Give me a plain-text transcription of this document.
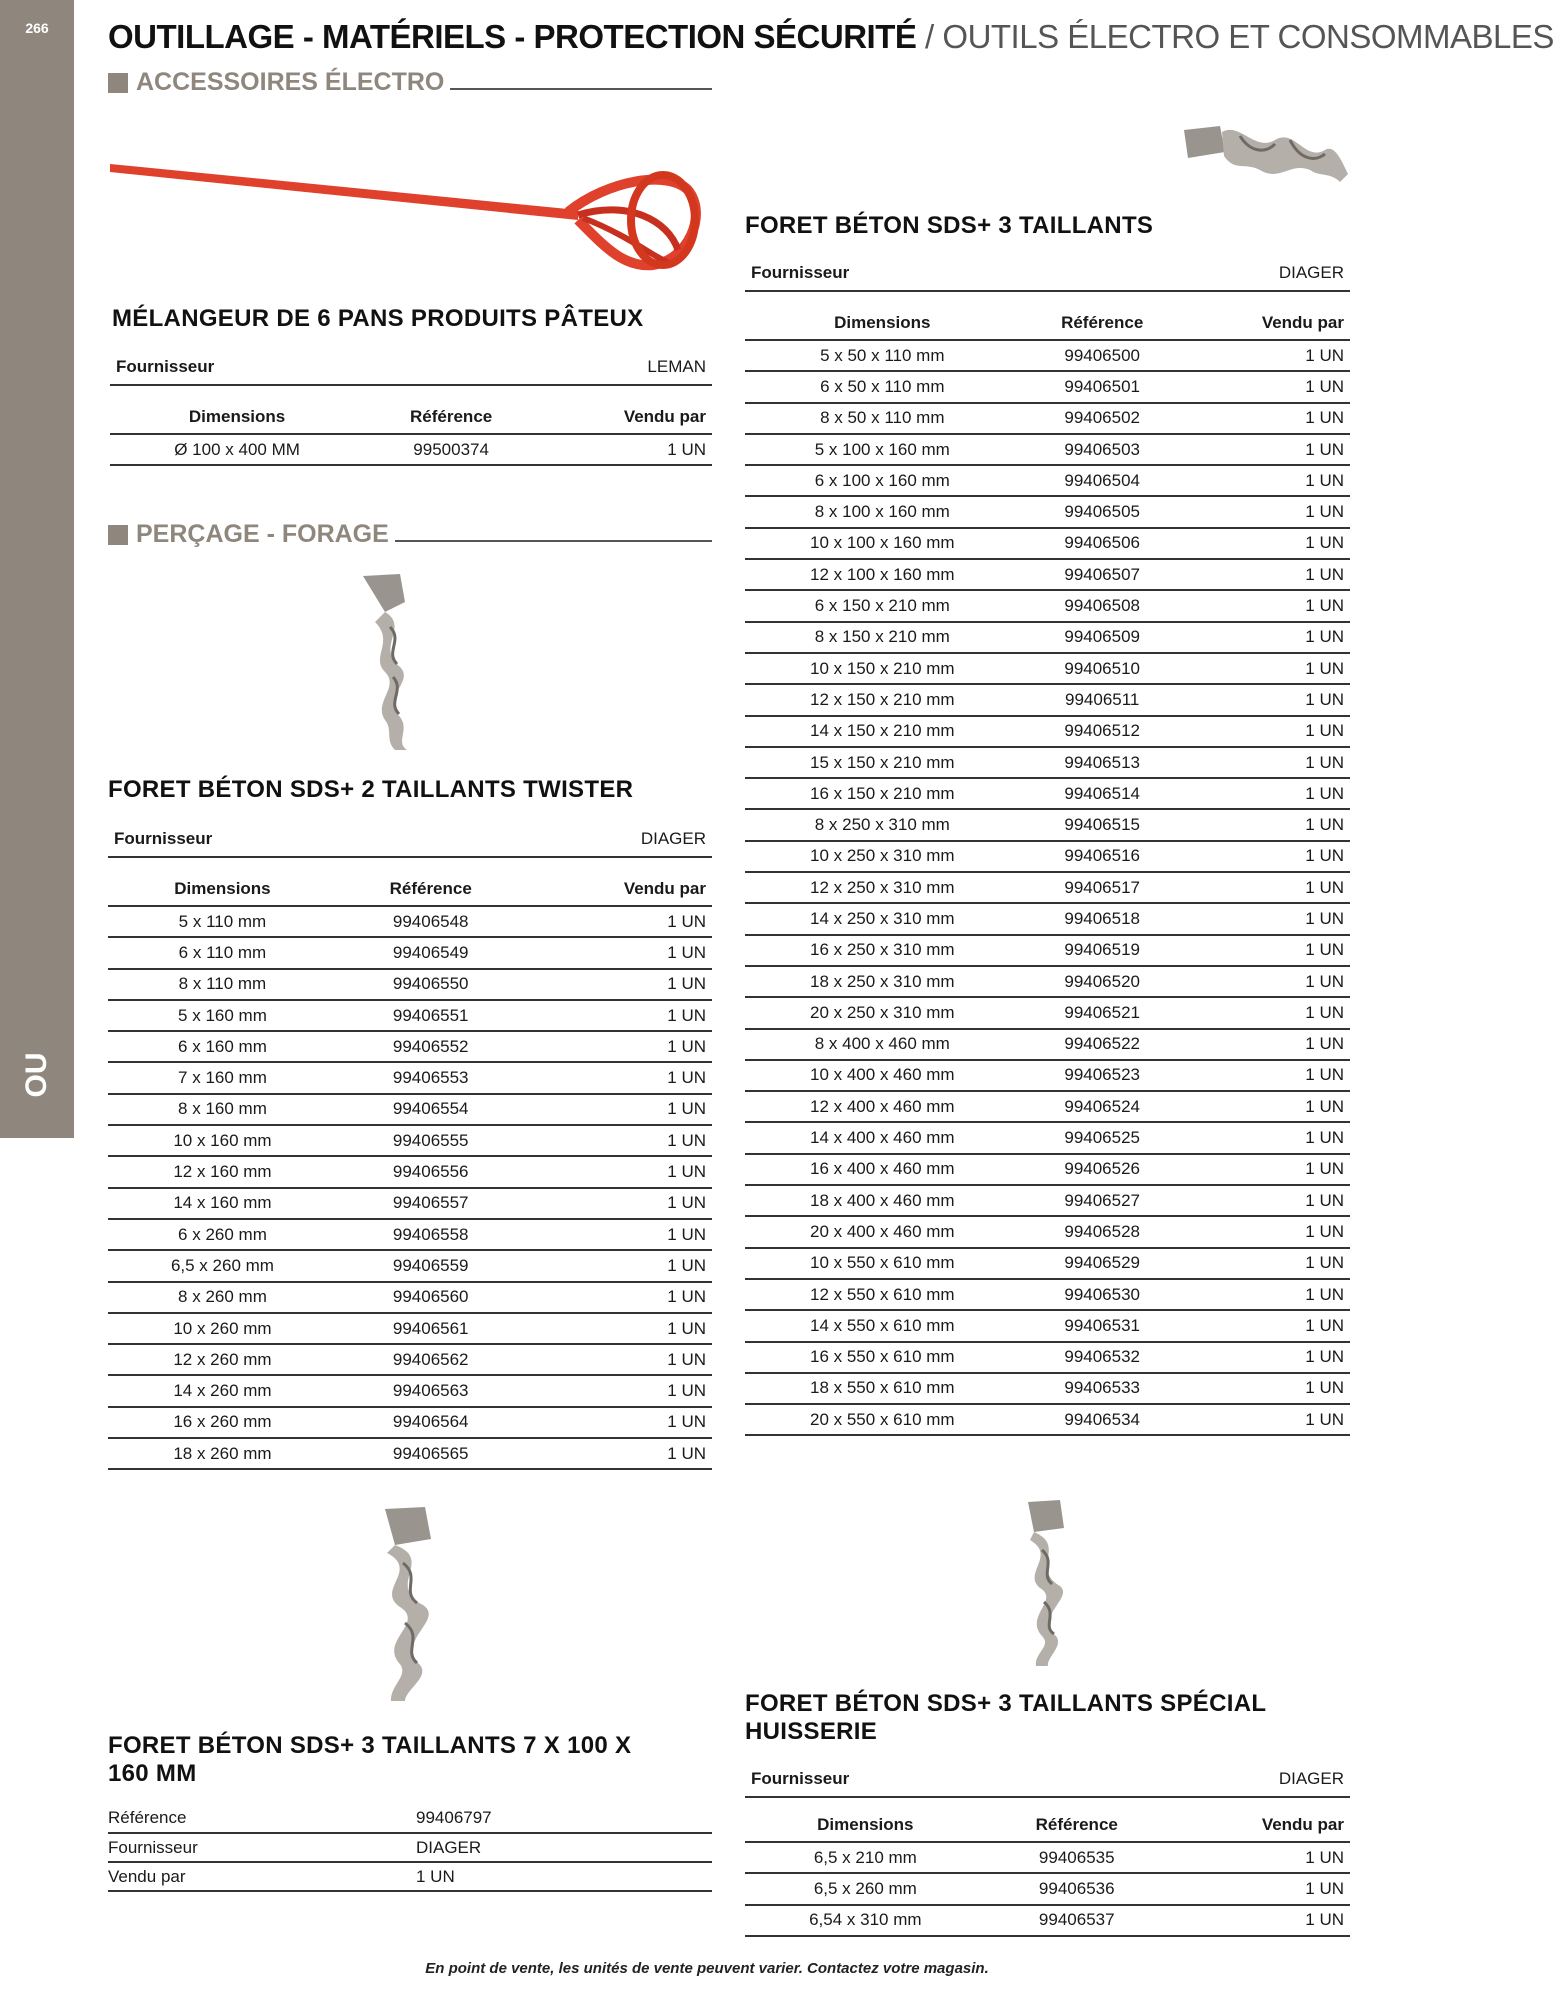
266
OU
OUTILLAGE - MATÉRIELS - PROTECTION SÉCURITÉ / OUTILS ÉLECTRO ET CONSOMMABLES
ACCESSOIRES ÉLECTRO
MÉLANGEUR DE 6 PANS PRODUITS PÂTEUX
Fournisseur	LEMAN
Dimensions	Référence	Vendu par
Ø 100 x 400 MM	99500374	1 UN
PERÇAGE - FORAGE
FORET BÉTON SDS+ 2 TAILLANTS TWISTER
Fournisseur	DIAGER
Dimensions	Référence	Vendu par
5 x 110 mm	99406548	1 UN
6 x 110 mm	99406549	1 UN
8 x 110 mm	99406550	1 UN
5 x 160 mm	99406551	1 UN
6 x 160 mm	99406552	1 UN
7 x 160 mm	99406553	1 UN
8 x 160 mm	99406554	1 UN
10 x 160 mm	99406555	1 UN
12 x 160 mm	99406556	1 UN
14 x 160 mm	99406557	1 UN
6 x 260 mm	99406558	1 UN
6,5 x 260 mm	99406559	1 UN
8 x 260 mm	99406560	1 UN
10 x 260 mm	99406561	1 UN
12 x 260 mm	99406562	1 UN
14 x 260 mm	99406563	1 UN
16 x 260 mm	99406564	1 UN
18 x 260 mm	99406565	1 UN
FORET BÉTON SDS+ 3 TAILLANTS
Fournisseur	DIAGER
Dimensions	Référence	Vendu par
5 x 50 x 110 mm	99406500	1 UN
6 x 50 x 110 mm	99406501	1 UN
8 x 50 x 110 mm	99406502	1 UN
5 x 100 x 160 mm	99406503	1 UN
6 x 100 x 160 mm	99406504	1 UN
8 x 100 x 160 mm	99406505	1 UN
10 x 100 x 160 mm	99406506	1 UN
12 x 100 x 160 mm	99406507	1 UN
6 x 150 x 210 mm	99406508	1 UN
8 x 150 x 210 mm	99406509	1 UN
10 x 150 x 210 mm	99406510	1 UN
12 x 150 x 210 mm	99406511	1 UN
14 x 150 x 210 mm	99406512	1 UN
15 x 150 x 210 mm	99406513	1 UN
16 x 150 x 210 mm	99406514	1 UN
8 x 250 x 310 mm	99406515	1 UN
10 x 250 x 310 mm	99406516	1 UN
12 x 250 x 310 mm	99406517	1 UN
14 x 250 x 310 mm	99406518	1 UN
16 x 250 x 310 mm	99406519	1 UN
18 x 250 x 310 mm	99406520	1 UN
20 x 250 x 310 mm	99406521	1 UN
8 x 400 x 460 mm	99406522	1 UN
10 x 400 x 460 mm	99406523	1 UN
12 x 400 x 460 mm	99406524	1 UN
14 x 400 x 460 mm	99406525	1 UN
16 x 400 x 460 mm	99406526	1 UN
18 x 400 x 460 mm	99406527	1 UN
20 x 400 x 460 mm	99406528	1 UN
10 x 550 x 610 mm	99406529	1 UN
12 x 550 x 610 mm	99406530	1 UN
14 x 550 x 610 mm	99406531	1 UN
16 x 550 x 610 mm	99406532	1 UN
18 x 550 x 610 mm	99406533	1 UN
20 x 550 x 610 mm	99406534	1 UN
FORET BÉTON SDS+ 3 TAILLANTS 7 X 100 X 160 MM
Référence	99406797
Fournisseur	DIAGER
Vendu par	1 UN
FORET BÉTON SDS+ 3 TAILLANTS SPÉCIAL HUISSERIE
Fournisseur	DIAGER
Dimensions	Référence	Vendu par
6,5 x 210 mm	99406535	1 UN
6,5 x 260 mm	99406536	1 UN
6,54 x 310 mm	99406537	1 UN
En point de vente, les unités de vente peuvent varier. Contactez votre magasin.
